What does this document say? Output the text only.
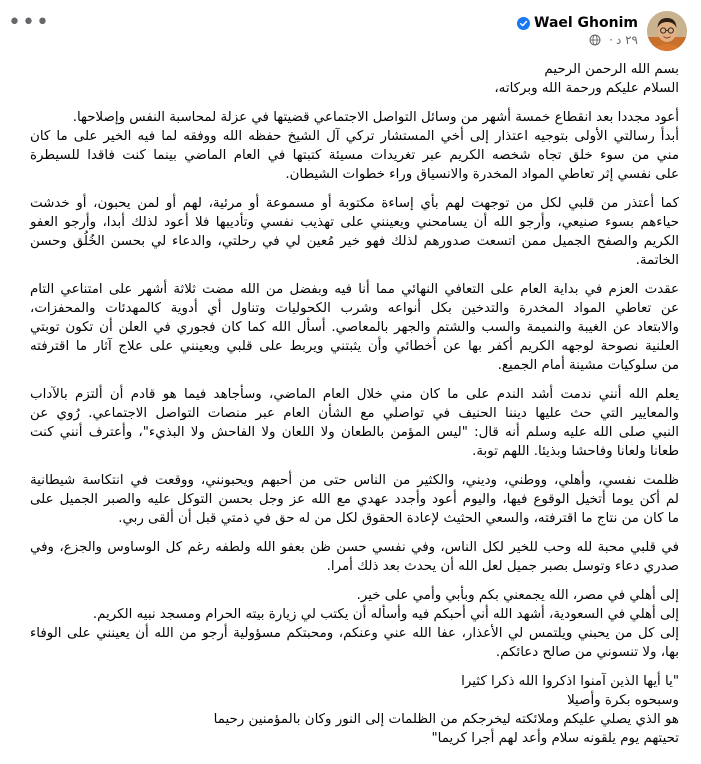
•••	Wael Ghonim
· ٢٩ د
بسم الله الرحمن الرحيم
السلام عليكم ورحمة الله وبركاته،
أعود مجددا بعد انقطاع خمسة أشهر من وسائل التواصل الاجتماعي قضيتها في عزلة لمحاسبة النفس وإصلاحها.
أبدأ رسالتي الأولى بتوجيه اعتذار إلى أخي المستشار تركي آل الشيخ حفظه الله ووفقه لما فيه الخير على ما كان
مني من سوء خلق تجاه شخصه الكريم عبر تغريدات مسيئة كتبتها في العام الماضي بينما كنت فاقدا للسيطرة
على نفسي إثر تعاطي المواد المخدرة والانسياق وراء خطوات الشيطان.
كما أعتذر من قلبي لكل من توجهت لهم بأي إساءة مكتوبة أو مسموعة أو مرئية، لهم أو لمن يحبون، أو خدشت
حياءهم بسوء صنيعي، وأرجو الله أن يسامحني ويعينني على تهذيب نفسي وتأديبها فلا أعود لذلك أبدا، وأرجو العفو
الكريم والصفح الجميل ممن اتسعت صدورهم لذلك فهو خير مُعين لي في رحلتي، والدعاء لي بحسن الخُلُق وحسن
الخاتمة.
عقدت العزم في بداية العام على التعافي النهائي مما أنا فيه وبفضل من الله مضت ثلاثة أشهر على امتناعي التام
عن تعاطي المواد المخدرة والتدخين بكل أنواعه وشرب الكحوليات وتناول أي أدوية كالمهدئات والمحفزات،
والابتعاد عن الغيبة والنميمة والسب والشتم والجهر بالمعاصي. أسأل الله كما كان فجوري في العلن أن تكون توبتي
العلنية نصوحة لوجهه الكريم أكفر بها عن أخطائي وأن يثبتني ويربط على قلبي ويعينني على علاج آثار ما اقترفته
من سلوكيات مشينة أمام الجميع.
يعلم الله أنني ندمت أشد الندم على ما كان مني خلال العام الماضي، وسأجاهد فيما هو قادم أن ألتزم بالآداب
والمعايير التي حث عليها ديننا الحنيف في تواصلي مع الشأن العام عبر منصات التواصل الاجتماعي. رُوي عن
النبي صلى الله عليه وسلم أنه قال: "ليس المؤمن بالطعان ولا اللعان ولا الفاحش ولا البذيء"، وأعترف أنني كنت
طعانا ولعانا وفاحشا وبذيئا. اللهم توبة.
ظلمت نفسي، وأهلي، ووطني، وديني، والكثير من الناس حتى من أحبهم ويحبونني، ووقعت في انتكاسة شيطانية
لم أكن يوما أتخيل الوقوع فيها، واليوم أعود وأجدد عهدي مع الله عز وجل بحسن التوكل عليه والصبر الجميل على
ما كان من نتاج ما اقترفته، والسعي الحثيث لإعادة الحقوق لكل من له حق في ذمتي قبل أن ألقى ربي.
في قلبي محبة لله وحب للخير لكل الناس، وفي نفسي حسن ظن بعفو الله ولطفه رغم كل الوساوس والجزع، وفي
صدري دعاء وتوسل بصبر جميل لعل الله أن يحدث بعد ذلك أمرا.
إلى أهلي في مصر، الله يجمعني بكم وبأبي وأمي على خير.
إلى أهلي في السعودية، أشهد الله أني أحبكم فيه وأسأله أن يكتب لي زيارة بيته الحرام ومسجد نبيه الكريم.
إلى كل من يحبني ويلتمس لي الأعذار، عفا الله عني وعنكم، ومحبتكم مسؤولية أرجو من الله أن يعينني على الوفاء
بها، ولا تنسوني من صالح دعائكم.
"يا أيها الذين آمنوا اذكروا الله ذكرا كثيرا
وسبحوه بكرة وأصيلا
هو الذي يصلي عليكم وملائكته ليخرجكم من الظلمات إلى النور وكان بالمؤمنين رحيما
تحيتهم يوم يلقونه سلام وأعد لهم أجرا كريما"
